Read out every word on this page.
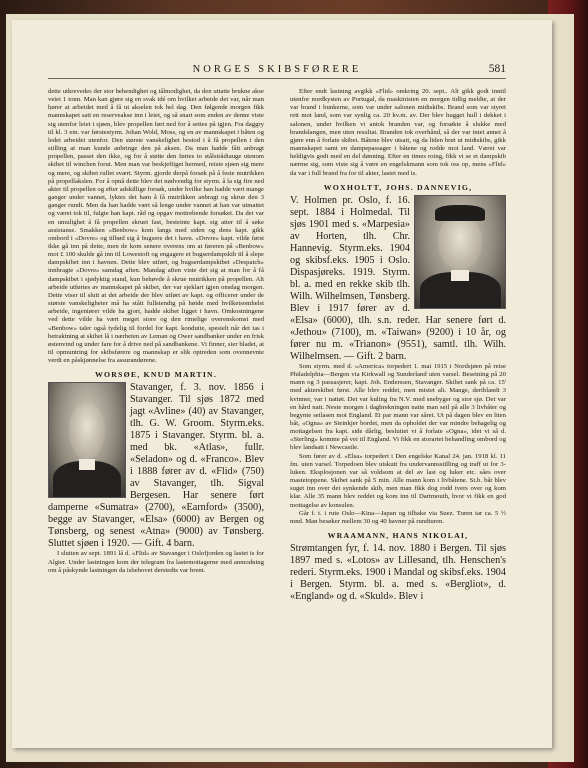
NORGES SKIBSFØRERE	581

dette utkrevedes der stor behendighet og tålmodighet, da den uttatte brukne akse veiet 1 tonn. Man kan gjøre sig en svak idé om hvilket arbeide det var, når man hører at arbeidet med å få ut akselen tok hel dag. Den følgende morgen fikk mannskapet satt en reserveakse inn i leiet, og så snart som enden av denne viste sig utenfor leiet i sjøen, blev propellen ført ned for å settes på igjen. Fra daggry til kl. 3 em. var førstestyrm. Johan Wold, Moss, og en av mannskapet i båten og ledet arbeidet utenfor. Den største vanskelighet bestod i å få propellen i den stilling at man kunde anbringe den på aksen. Da man hadde fått anbragt propellen, passet den ikke, og for å støtte den førtes to stålstrådtauge utenom skibet til winchen forut. Men man var beskjeftiget hermed, reiste sjøen sig mere og mere, og skibet rullet svært. Styrm. gjorde derpå forsøk på å feste mutrikken på propellakslen. For å opnå dette blev det nødvendig for styrm. å la sig fire ned akter til propellen og efter adskillige forsøk, under hvilke han hadde vært mange ganger under vannet, lyktes det ham å få mutrikken anbragt og skrue den 3 ganger rundt. Men da han hadde vært så lenge under vannet at han var utmattet og været tok til, fulgte han kapt. råd og opgav mottrebende forsøket. Da det var en umulighet å få propellen skruet fast, besteinte kapt. sig atter til å søke assistanse. Smakken «Benbow» kom langs med siden og dens kapt. gikk ombord i «Dovre» og tilbød sig å bugsere det i havn. «Dovre» kapt. vilde først ikke gå inn på dette, men de kom senere overens om at føreren på «Benbow» mot £ 100 skulde gå inn til Lowestoft og engagere et bugserdampskib til å slepe dampskibet inn i havnen. Dette blev utført, og bugserdampskibet «Despatch» innbragte «Dovre» samdag aften. Mandag aften viste det sig at man for å få dampskibet i sjødyktig stand, kun behøvde å skrue mutrikken på propellen. Alt arbeide utførtes av mannskapet på skibet, der var sjeklart igjen onsdag morgen. Dette viser til slutt at det arbeide der blev utført av kapt. og officerer under de største vanskeligheter må ha stått fullstendig på høide med hvilketsomhelst arbeide, ingeniører vilde ha gjort, hadde skibet ligget i havn. Omkostningene ved dette vilde ha vært meget store og den rimelige overenskomst med «Benbow» taler også tydelig til fordel for kapt. konduite, spesielt når det tas i betraktning at skibet lå i nærheten av Leman og Ower sandbanker under en frisk østenvind og under fare for å drive ned på sandbankene. Vi finner, sier bladet, at til opmuntring for skibsførere og mannskap er slik optreden som ovennevnte verdt en påskjønnelse fra assurandørene.

WORSØE, KNUD MARTIN.
Stavanger, f. 3. nov. 1856 i Stavanger. Til sjøs 1872 med jagt «Avline» (40) av Stavanger, tlh. G. W. Groom. Styrm.eks. 1875 i Stavanger. Styrm. bl. a. med bk. «Atlas», fullr. «Seladon» og d. «Franco». Blev i 1888 fører av d. «Flid» (750) av Stavanger, tlh. Sigval Bergesen. Har senere ført damperne «Sumatra» (2700), «Earnford» (3500), begge av Stavanger, «Elsa» (6000) av Bergen og Tønsberg, og senest «Atna» (9000) av Tønsberg. Sluttet sjøen i 1920. — Gift. 4 barn.

I slutten av sept. 1891 lå d. «Flid» av Stavanger i Oslofjorden og lastet is for Algier. Under lastningen kom der telegram fra lastemottagerne med anmodning om å påskynde lastningen da isbehovet derstedts var brent.

Efter endt lastning avgikk «Flid» omkring 20. sept.. Alt gikk godt inntil utenfor nordkysten av Portugal, da maskinisten en morgen tidlig meldte, at der var brand i bunkerne, som var under salonen midtskibs. Brand som var styret rett mot land, som var synlig ca. 20 kv.m. av. Der blev hugget hull i dekket i salonen, under hvilken vi antok branden var, og forsøkte å slukke med brandslangen, men uten resultat. Branden tok overhånd, så der var intet annet å gjøre enn å forlate skibet. Båtene blev utsatt, og da liden brøt ut midtskibs, gikk mannskapet samt en dampepassager i båtene og rodde mot land. Været var heldigvis godt med en del dønning. Efter en times roing, fikk vi se et dampskib nærme sig, som viste sig å være en engelskmann som tok oss op, mens «Flid» da var i full brand fra for til akter, lastet med is.

WOXHOLTT, JOHS. DANNEVIG,
V. Holmen pr. Oslo, f. 16. sept. 1884 i Holmedal. Til sjøs 1901 med s. «Marpesia» av Horten, tlh. Chr. Hannevig. Styrm.eks. 1904 og skibsf.eks. 1905 i Oslo. Dispasjøreks. 1919. Styrm. bl. a. med en rekke skib tlh. Wilh. Wilhelmsen, Tønsberg. Blev i 1917 fører av d. «Elsa» (6000), tlh. s.n. reder. Har senere ført d. «Jethou» (7100), m. «Taiwan» (9200) i 10 år, og fører nu m. «Trianon» (9551), samtl. tlh. Wilh. Wilhelmsen. — Gift. 2 barn.

Som styrm. med d. «America» torpedert 1. mai 1915 i Nordsjøen på reise Philadelphia—Bergen via Kirkwall og Sunderland uten varsel. Besetning på 20 mann og 3 passasjerer, kapt. Joh. Enderssen, Stavanger. Skibet sank på ca. 15' med akterskibet først. Alle blev reddet, men mistet alt. Mange, deriblandt 3 kvinner, var i nattøi. Det var kuling fra N.V. med snebyger og stor sjø. Det var en hård natt. Neste morgen i dagbrekningen natte man seil på alle 3 livbåter og begynte seilasen mot England. Et par mann var såret. Ut på dagen blev en liten båt, «Ogna» av Steinkjer bordet, men da opholdet der var mindre behagelig og mottagelsen fra kapt. side dårlig, besluttet vi å forlate «Ogna», idet vi så d. «Sterling» komme på vei til England. Vi fikk en storartet behandling ombord og blev landsatt i Newcastle.

Som fører av d. «Elsa» torpedert i Den engelske Kanal 24. jan. 1918 kl. 11 fm. uten varsel. Torpedoen blev utskutt fra undervannsstilling og traff ut for 3-luken. Eksplosjonen var så voldsom at del av last og luker etc. såes over mastetoppene. Skibet sank på 5 min. Alle mann kom i livbåtene. St.b. båt blev suget inn over det synkende skib, men man fikk dog rodd tvers over og kom klar. Alle 35 mann blev reddet og kom inn til Dartmouth, hvor vi fikk en god mottagelse av konsulen.

Går f. t. i rute Oslo—Kina—Japan og tilbake via Suez. Turen tar ca. 5 ½ mnd. Man besøker mellem 30 og 40 havner på rundturen.

WRAAMANN, HANS NIKOLAI,
Strømtangen fyr, f. 14. nov. 1880 i Bergen. Til sjøs 1897 med s. «Lotos» av Lillesand, tlh. Henschen's rederi. Styrm.eks. 1900 i Mandal og skibsf.eks. 1904 i Bergen. Styrm. bl. a. med s. «Bergliot», d. «England» og d. «Skuld». Blev i
